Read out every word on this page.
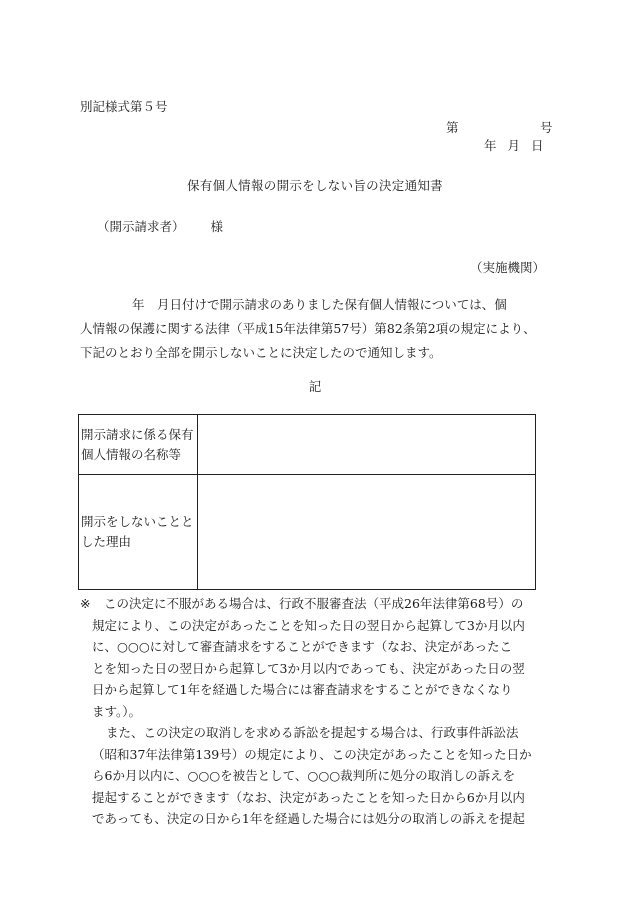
別記様式第５号
第	号
年 月 日
保有個人情報の開示をしない旨の決定通知書
（開示請求者） 様
（実施機関）
年　月日付けで開示請求のありました保有個人情報については、個
人情報の保護に関する法律（平成15年法律第57号）第82条第2項の規定により、
下記のとおり全部を開示しないことに決定したので通知します。
記
開示請求に係る保有個人情報の名称等	
開示をしないこととした理由	
※ この決定に不服がある場合は、行政不服審査法（平成26年法律第68号）の
規定により、この決定があったことを知った日の翌日から起算して3か月以内
に、○○○に対して審査請求をすることができます（なお、決定があったこ
とを知った日の翌日から起算して3か月以内であっても、決定があった日の翌
日から起算して1年を経過した場合には審査請求をすることができなくなり
ます。）。
また、この決定の取消しを求める訴訟を提起する場合は、行政事件訴訟法
（昭和37年法律第139号）の規定により、この決定があったことを知った日か
ら6か月以内に、○○○を被告として、○○○裁判所に処分の取消しの訴えを
提起することができます（なお、決定があったことを知った日から6か月以内
であっても、決定の日から1年を経過した場合には処分の取消しの訴えを提起
